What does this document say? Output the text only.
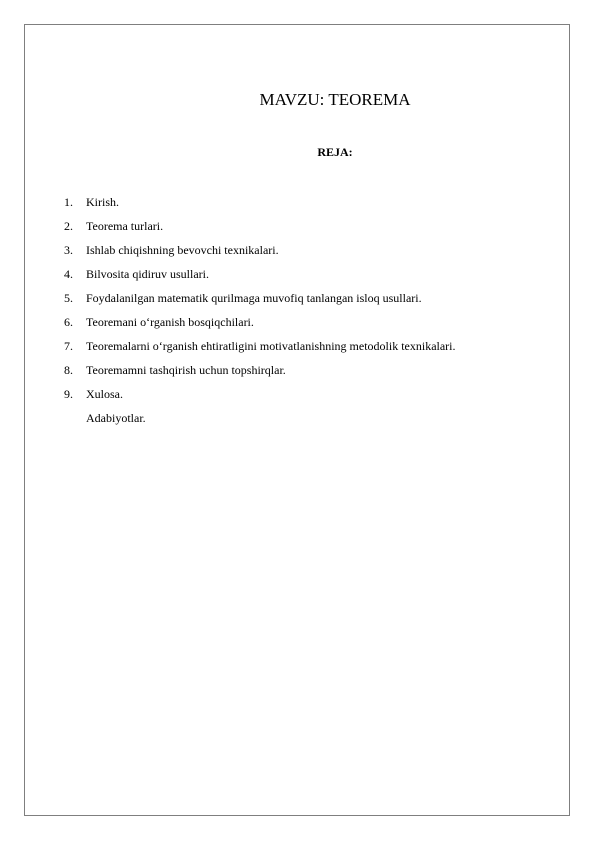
MAVZU: TEOREMA

REJA:

1. Kirish.
2. Teorema turlari.
3. Ishlab chiqishning bevovchi texnikalari.
4. Bilvosita qidiruv usullari.
5. Foydalanilgan matematik qurilmaga muvofiq tanlangan isloq usullari.
6. Teoremani o‘rganish bosqiqchilari.
7. Teoremalarni o‘rganish ehtiratligini motivatlanishning metodolik texnikalari.
8. Teoremamni tashqirish uchun topshirqlar.
9. Xulosa.
Adabiyotlar.
